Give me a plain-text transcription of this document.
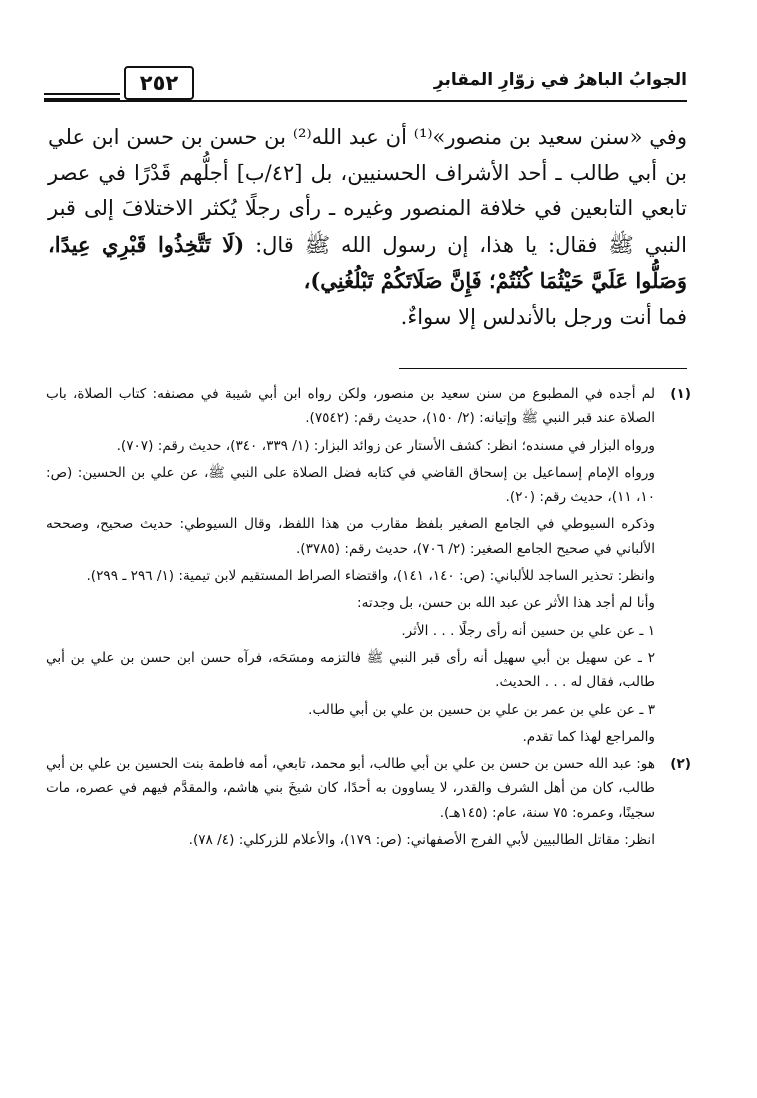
الجوابُ الباهرُ في زوّارِ المقابرِ
٢٥٢

وفي «سنن سعيد بن منصور»⁽¹⁾ أن عبد الله⁽²⁾ بن حسن بن حسن ابن علي بن أبي طالب ـ أحد الأشراف الحسنيين، بل [٤٢/ب] أجلُّهم قَدْرًا في عصر تابعي التابعين في خلافة المنصور وغيره ـ رأى رجلًا يُكثر الاختلافَ إلى قبر النبي ﷺ فقال: يا هذا، إن رسول الله ﷺ قال: (لَا تَتَّخِذُوا قَبْرِي عِيدًا، وَصَلُّوا عَلَيَّ حَيْثُمَا كُنْتُمْ؛ فَإِنَّ صَلَاتَكُمْ تَبْلُغُنِي)،

فما أنت ورجل بالأندلس إلا سواءٌ.

(١)

لم أجده في المطبوع من سنن سعيد بن منصور، ولكن رواه ابن أبي شيبة في مصنفه: كتاب الصلاة، باب الصلاة عند قبر النبي ﷺ وإتيانه: (٢/ ١٥٠)، حديث رقم: (٧٥٤٢).

ورواه البزار في مسنده؛ انظر: كشف الأستار عن زوائد البزار: (١/ ٣٣٩، ٣٤٠)، حديث رقم: (٧٠٧).

ورواه الإمام إسماعيل بن إسحاق القاضي في كتابه فضل الصلاة على النبي ﷺ، عن علي بن الحسين: (ص: ١٠، ١١)، حديث رقم: (٢٠).

وذكره السيوطي في الجامع الصغير بلفظ مقارب من هذا اللفظ، وقال السيوطي: حديث صحيح، وصححه الألباني في صحيح الجامع الصغير: (٢/ ٧٠٦)، حديث رقم: (٣٧٨٥).

وانظر: تحذير الساجد للألباني: (ص: ١٤٠، ١٤١)، واقتضاء الصراط المستقيم لابن تيمية: (١/ ٢٩٦ ـ ٢٩٩).

وأنا لم أجد هذا الأثر عن عبد الله بن حسن، بل وجدته:

١ ـ عن علي بن حسين أنه رأى رجلًا . . . الأثر.

٢ ـ عن سهيل بن أبي سهيل أنه رأى قبر النبي ﷺ فالتزمه ومسَحَه، فرآه حسن ابن حسن بن علي بن أبي طالب، فقال له . . . الحديث.

٣ ـ عن علي بن عمر بن علي بن حسين بن علي بن أبي طالب.

والمراجع لهذا كما تقدم.

(٢)

هو: عبد الله حسن بن حسن بن علي بن أبي طالب، أبو محمد، تابعي، أمه فاطمة بنت الحسين بن علي بن أبي طالب، كان من أهل الشرف والقدر، لا يساوون به أحدًا، كان شيخَ بني هاشم، والمقدَّم فيهم في عصره، مات سجينًا، وعمره: ٧٥ سنة، عام: (١٤٥هـ).

انظر: مقاتل الطالبيين لأبي الفرج الأصفهاني: (ص: ١٧٩)، والأعلام للزركلي: (٤/ ٧٨).
